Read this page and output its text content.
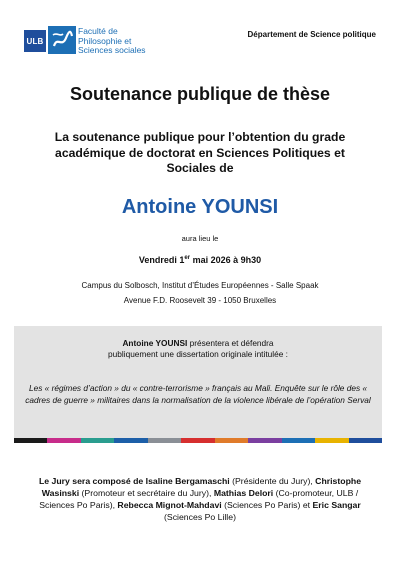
ULB
Faculté de
Philosophie et
Sciences sociales
Département de Science politique
Soutenance publique de thèse
La soutenance publique pour l’obtention du grade académique de doctorat en Sciences Politiques et Sociales de
Antoine YOUNSI
aura lieu le
Vendredi 1er mai 2026 à 9h30
Campus du Solbosch, Institut d’Études Européennes - Salle Spaak
Avenue F.D. Roosevelt 39 - 1050 Bruxelles
Antoine YOUNSI présentera et défendra
publiquement une dissertation originale intitulée :
Les « régimes d’action » du « contre-terrorisme » français au Mali. Enquête sur le rôle des « cadres de guerre » militaires dans la normalisation de la violence libérale de l’opération Serval
Le Jury sera composé de Isaline Bergamaschi (Présidente du Jury), Christophe Wasinski (Promoteur et secrétaire du Jury), Mathias Delori (Co-promoteur, ULB / Sciences Po Paris), Rebecca Mignot-Mahdavi (Sciences Po Paris) et Eric Sangar (Sciences Po Lille)
